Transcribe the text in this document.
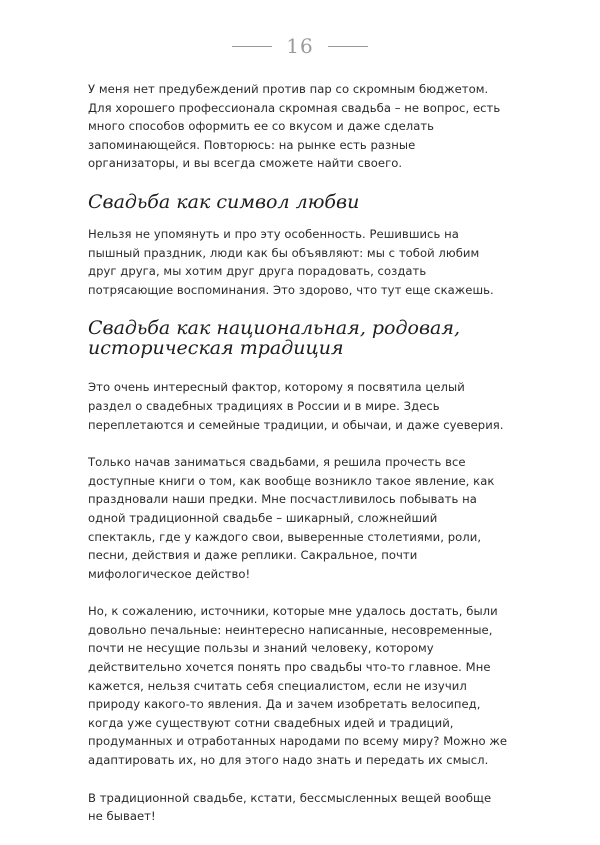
16

У меня нет предубеждений против пар со скромным бюджетом. Для хорошего профессионала скромная свадьба – не вопрос, есть много способов оформить ее со вкусом и даже сделать запоминающейся. Повторюсь: на рынке есть разные организаторы, и вы всегда сможете найти своего.

Свадьба как символ любви

Нельзя не упомянуть и про эту особенность. Решившись на пышный праздник, люди как бы объявляют: мы с тобой любим друг друга, мы хотим друг друга порадовать, создать потрясающие воспоминания. Это здорово, что тут еще скажешь.

Свадьба как национальная, родовая,
историческая традиция

Это очень интересный фактор, которому я посвятила целый раздел о свадебных традициях в России и в мире. Здесь переплетаются и семейные традиции, и обычаи, и даже суеверия.

Только начав заниматься свадьбами, я решила прочесть все доступные книги о том, как вообще возникло такое явление, как праздновали наши предки. Мне посчастливилось побывать на одной традиционной свадьбе – шикарный, сложнейший спектакль, где у каждого свои, выверенные столетиями, роли, песни, действия и даже реплики. Сакральное, почти мифологическое действо!

Но, к сожалению, источники, которые мне удалось достать, были довольно печальные: неинтересно написанные, несовременные, почти не несущие пользы и знаний человеку, которому действительно хочется понять про свадьбы что-то главное. Мне кажется, нельзя считать себя специалистом, если не изучил природу какого-то явления. Да и зачем изобретать велосипед, когда уже существуют сотни свадебных идей и традиций, продуманных и отработанных народами по всему миру? Можно же адаптировать их, но для этого надо знать и передать их смысл.

В традиционной свадьбе, кстати, бессмысленных вещей вообще не бывает!
